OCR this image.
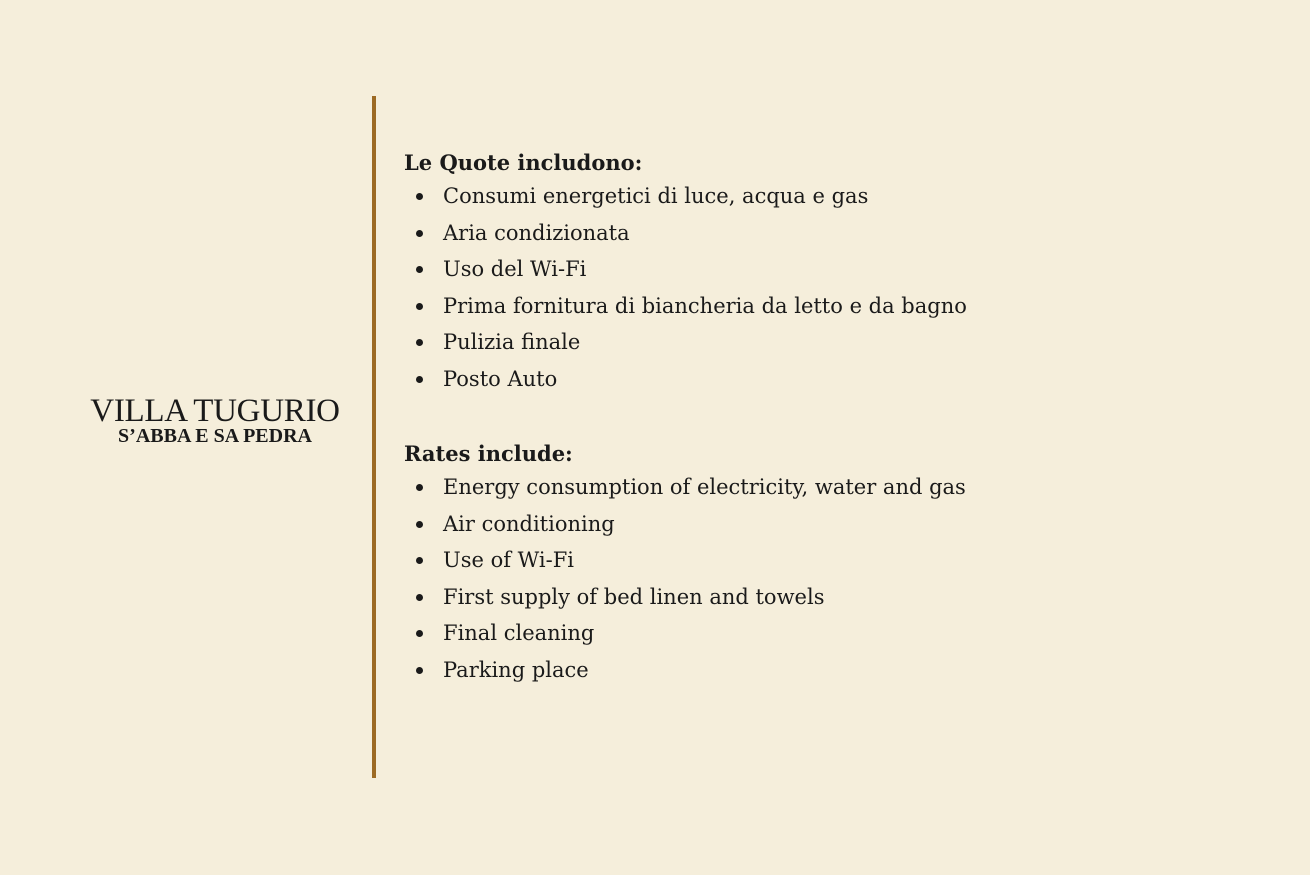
VILLA TUGURIO

S’ABBA E SA PEDRA

Le Quote includono:

Consumi energetici di luce, acqua e gas
Aria condizionata
Uso del Wi-Fi
Prima fornitura di biancheria da letto e da bagno
Pulizia finale
Posto Auto

Rates include:

Energy consumption of electricity, water and gas
Air conditioning
Use of Wi-Fi
First supply of bed linen and towels
Final cleaning
Parking place
